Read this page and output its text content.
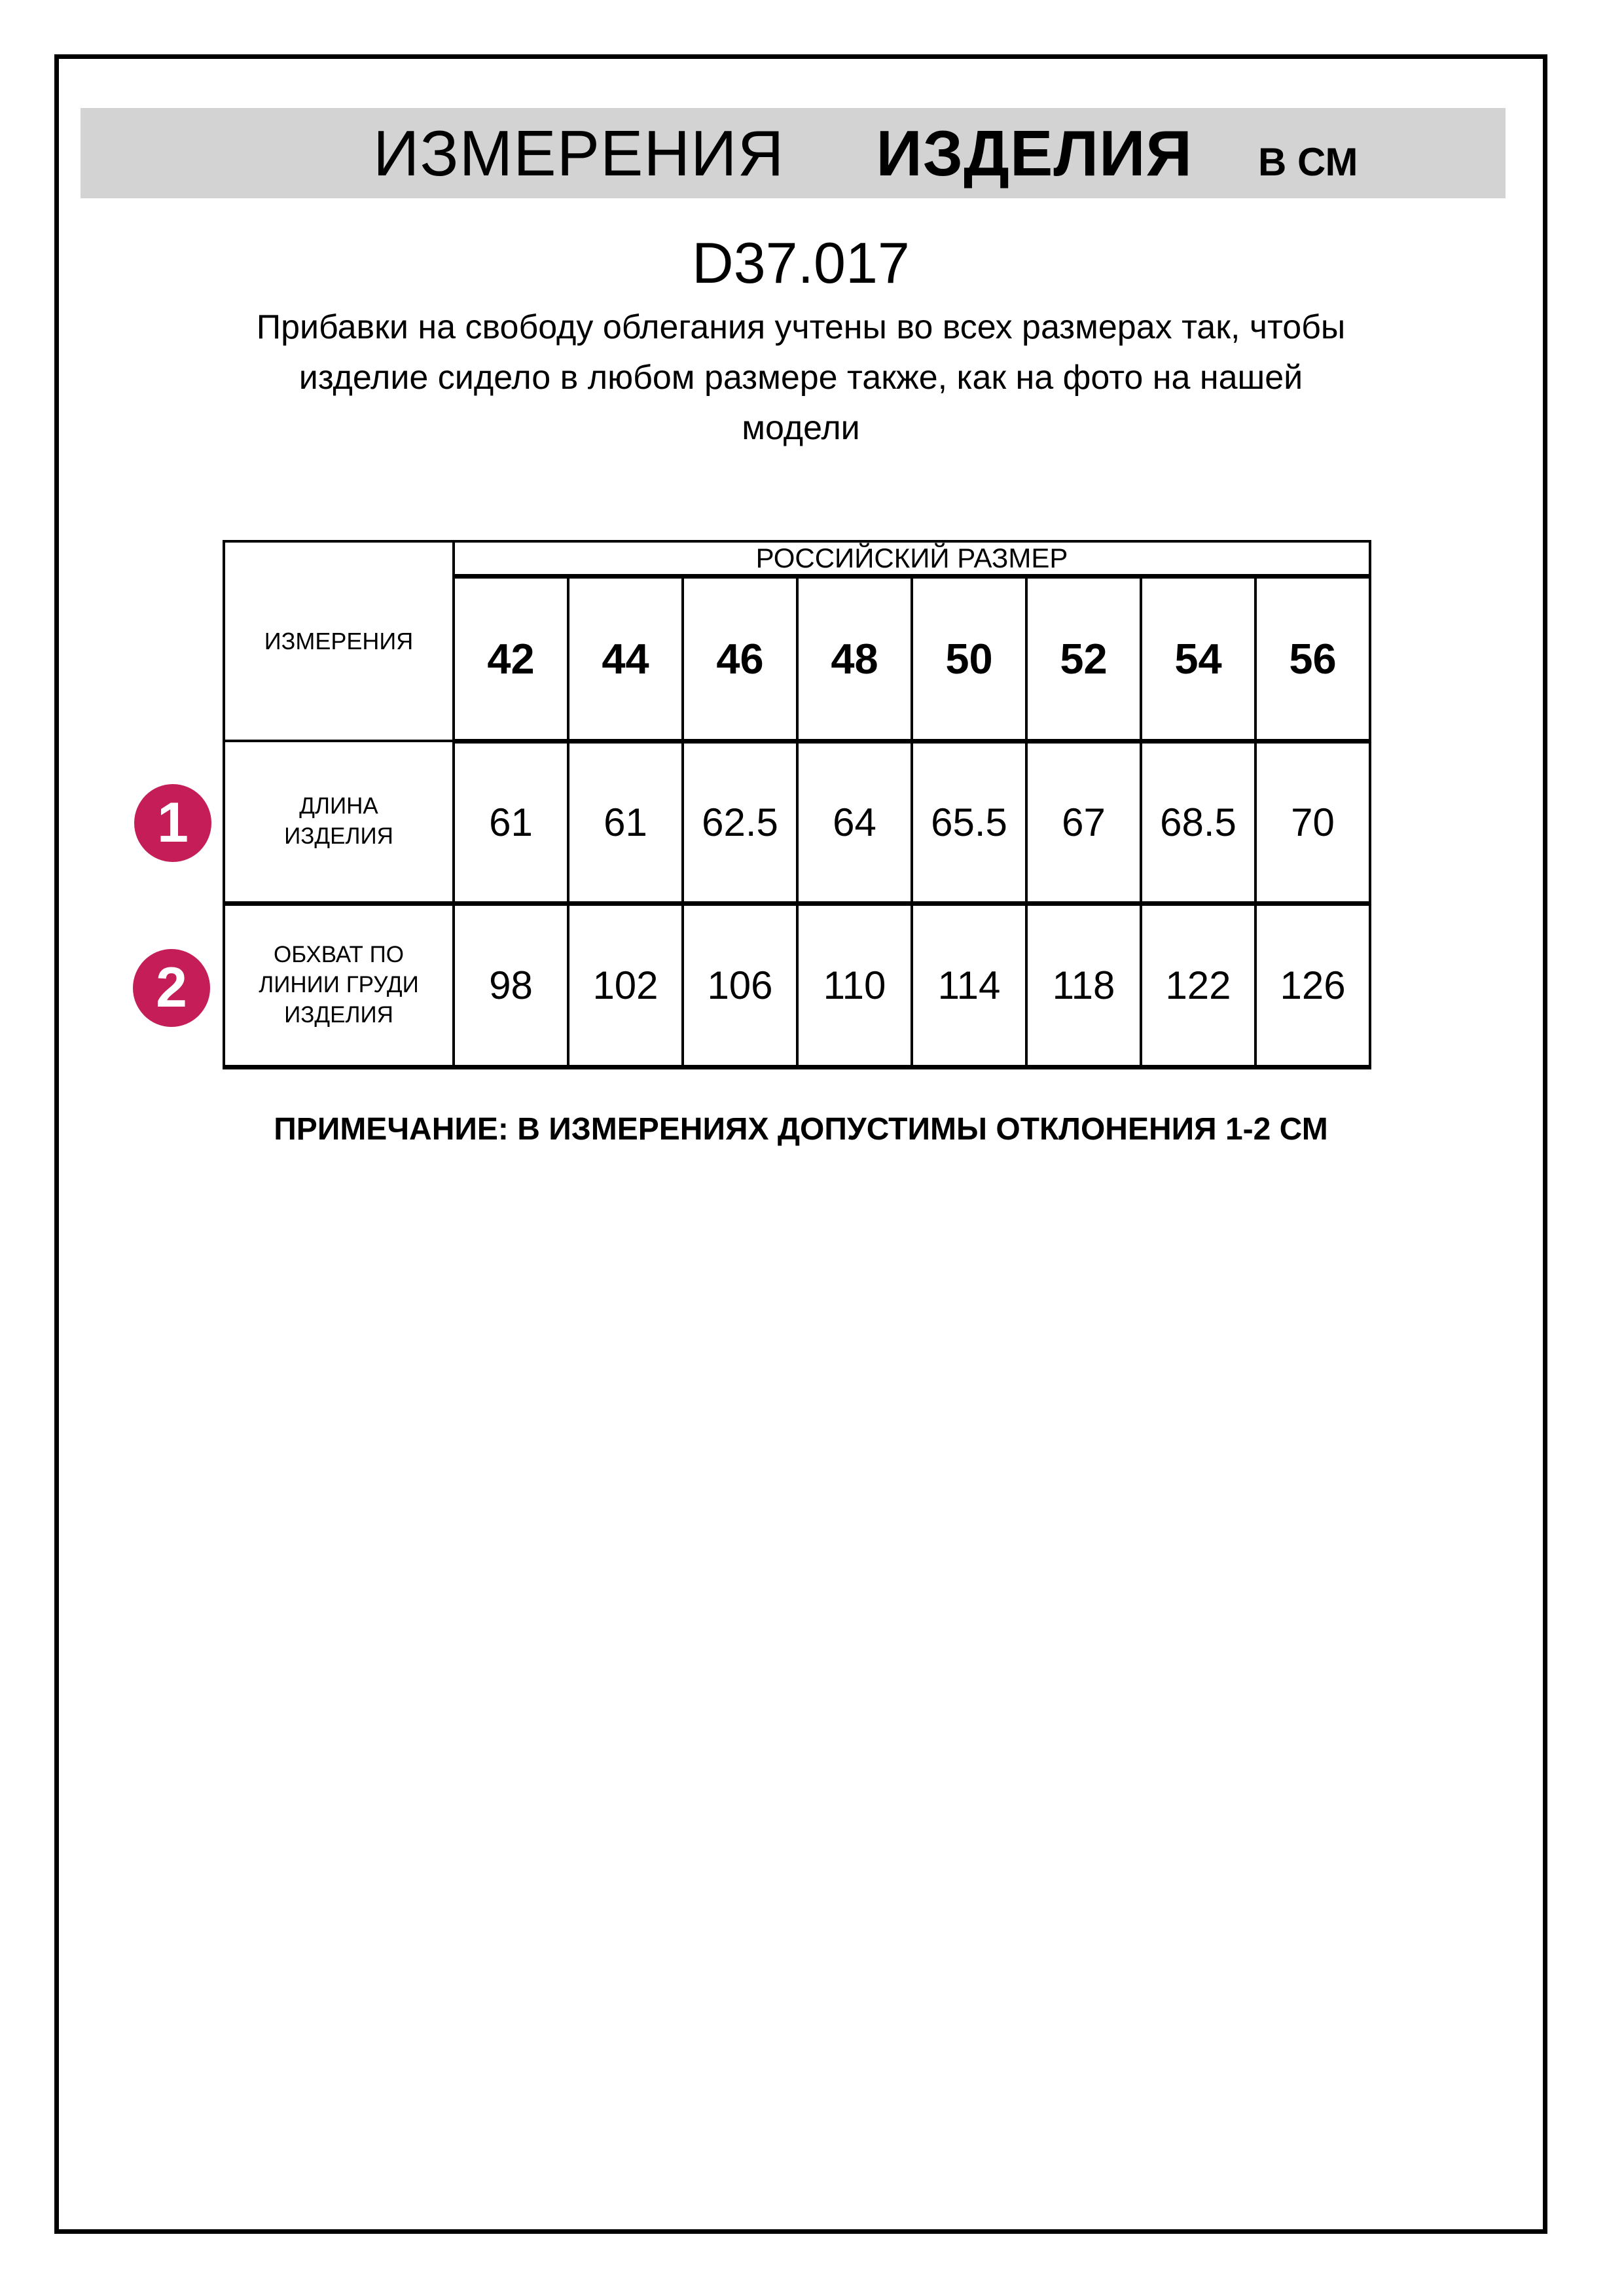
ИЗМЕРЕНИЯ ИЗДЕЛИЯ В СМ
D37.017
Прибавки на свободу облегания учтены во всех размерах так, чтобы
изделие сидело в любом размере также, как на фото на нашей
модели
ИЗМЕРЕНИЯ	РОССИЙСКИЙ РАЗМЕР							
	42	44	46	48	50	52	54	56

ДЛИНА
ИЗДЕЛИЯ	61	61	62.5	64	65.5	67	68.5	70

ОБХВАТ ПО
ЛИНИИ ГРУДИ
ИЗДЕЛИЯ	98	102	106	110	114	118	122	126
1
2
ПРИМЕЧАНИЕ: В ИЗМЕРЕНИЯХ ДОПУСТИМЫ ОТКЛОНЕНИЯ 1-2 СМ
